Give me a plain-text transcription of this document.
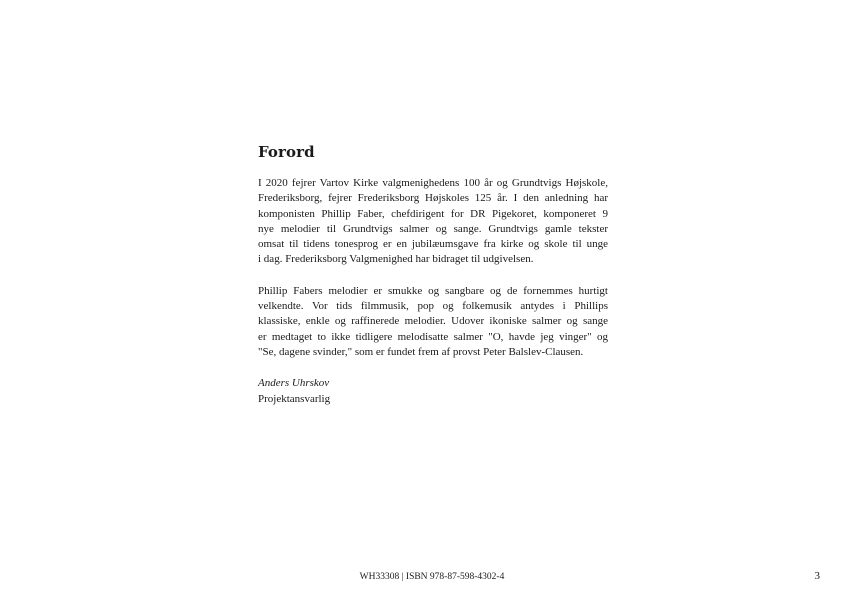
Forord

I 2020 fejrer Vartov Kirke valgmenighedens 100 år og Grundtvigs Højskole,
Frederiksborg, fejrer Frederiksborg Højskoles 125 år. I den anledning har
komponisten Phillip Faber, chefdirigent for DR Pigekoret, komponeret 9
nye melodier til Grundtvigs salmer og sange. Grundtvigs gamle tekster
omsat til tidens tonesprog er en jubilæumsgave fra kirke og skole til unge
i dag. Frederiksborg Valgmenighed har bidraget til udgivelsen.

Phillip Fabers melodier er smukke og sangbare og de fornemmes hurtigt
velkendte. Vor tids filmmusik, pop og folkemusik antydes i Phillips
klassiske, enkle og raffinerede melodier. Udover ikoniske salmer og sange
er medtaget to ikke tidligere melodisatte salmer "O, havde jeg vinger" og
"Se, dagene svinder," som er fundet frem af provst Peter Balslev-Clausen.

Anders Uhrskov

Projektansvarlig

WH33308 | ISBN 978-87-598-4302-4	3
